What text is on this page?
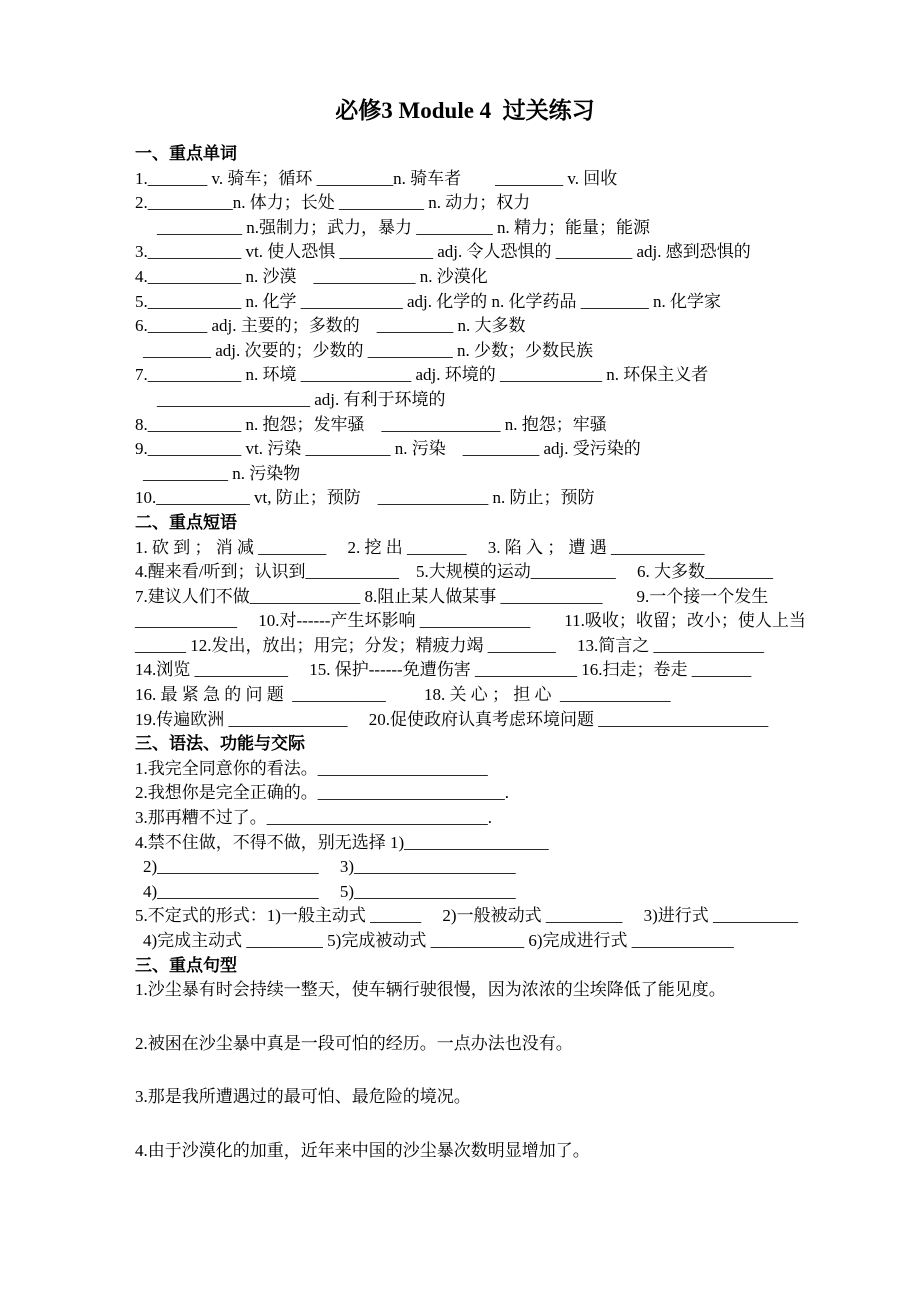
必修3 Module 4  过关练习
一、重点单词
1._______ v. 骑车；循环 _________n. 骑车者　　________ v. 回收
2.__________n. 体力；长处 __________ n. 动力；权力
__________ n.强制力；武力，暴力 _________ n. 精力；能量；能源
3.___________ vt. 使人恐惧 ___________ adj. 令人恐惧的 _________ adj. 感到恐惧的
4.___________ n. 沙漠　____________ n. 沙漠化
5.___________ n. 化学 ____________ adj. 化学的 n. 化学药品 ________ n. 化学家
6._______ adj. 主要的；多数的　_________ n. 大多数
________ adj. 次要的；少数的 __________ n. 少数；少数民族
7.___________ n. 环境 _____________ adj. 环境的 ____________ n. 环保主义者
__________________ adj. 有利于环境的
8.___________ n. 抱怨；发牢骚　______________ n. 抱怨；牢骚
9.___________ vt. 污染 __________ n. 污染　_________ adj. 受污染的
__________ n. 污染物
10.___________ vt, 防止；预防　_____________ n. 防止；预防
二、重点短语
1. 砍 到 ； 消 减 ________　 2. 挖 出 _______　 3. 陷 入 ； 遭 遇 ___________
4.醒来看/听到；认识到___________　5.大规模的运动__________　 6. 大多数________
7.建议人们不做_____________ 8.阻止某人做某事 ____________　　9.一个接一个发生
____________　 10.对------产生坏影响 _____________　　11.吸收；收留；改小；使人上当
______ 12.发出，放出；用完；分发；精疲力竭 ________　 13.简言之 _____________
14.浏览 ___________　 15. 保护------免遭伤害 ____________ 16.扫走；卷走 _______
16. 最 紧 急 的 问 题  ___________　　 18. 关 心 ； 担 心  _____________
19.传遍欧洲 ______________　 20.促使政府认真考虑环境问题 ____________________
三、语法、功能与交际
1.我完全同意你的看法。____________________
2.我想你是完全正确的。______________________.
3.那再糟不过了。__________________________.
4.禁不住做，不得不做，别无选择 1)_________________
2)___________________　 3)___________________
4)___________________　 5)___________________
5.不定式的形式：1)一般主动式 ______　 2)一般被动式 _________　 3)进行式 __________
4)完成主动式 _________ 5)完成被动式 ___________ 6)完成进行式 ____________
三、重点句型
1.沙尘暴有时会持续一整天，使车辆行驶很慢，因为浓浓的尘埃降低了能见度。
2.被困在沙尘暴中真是一段可怕的经历。一点办法也没有。
3.那是我所遭遇过的最可怕、最危险的境况。
4.由于沙漠化的加重，近年来中国的沙尘暴次数明显增加了。
